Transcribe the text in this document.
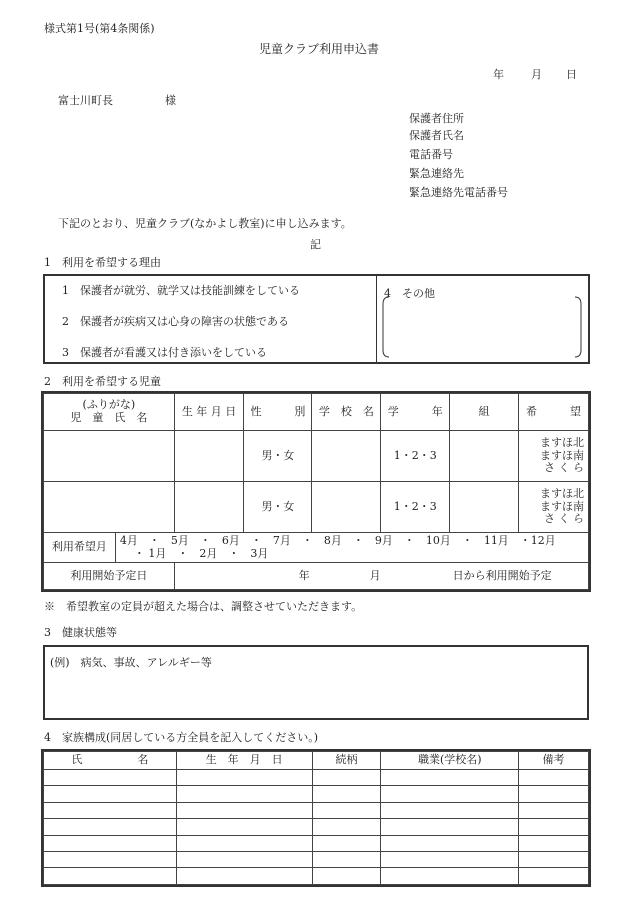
様式第1号(第4条関係)
児童クラブ利用申込書
年 月 日
富士川町長	様
保護者住所
保護者氏名
電話番号
緊急連絡先
緊急連絡先電話番号
下記のとおり、児童クラブ(なかよし教室)に申し込みます。
記
1　利用を希望する理由
1　保護者が就労、就学又は技能訓練をしている
2　保護者が疾病又は心身の障害の状態である
3　保護者が看護又は付き添いをしている
4　その他
2　利用を希望する児童
(ふりがな)
児　童　氏　名		生 年 月 日	性　　　別	学　校　名	学　　　年	組	希　　　望
			男・女		1・2・3		ますほ北
ますほ南
さ く ら

			男・女		1・2・3		ますほ北
ますほ南
さ く ら

利用希望月	4月　・　5月　・　6月　・　7月　・　8月　・　9月　・　10月　・　11月　・12月
・ 1月　・　2月　・　3月						

利用開始予定日		年 月 日から利用開始予定					
※　希望教室の定員が超えた場合は、調整させていただきます。
3　健康状態等
(例)　病気、事故、アレルギー等
4　家族構成(同居している方全員を記入してください。)
氏　　　　　名	生　年　月　日	続柄	職業(学校名)	備考
